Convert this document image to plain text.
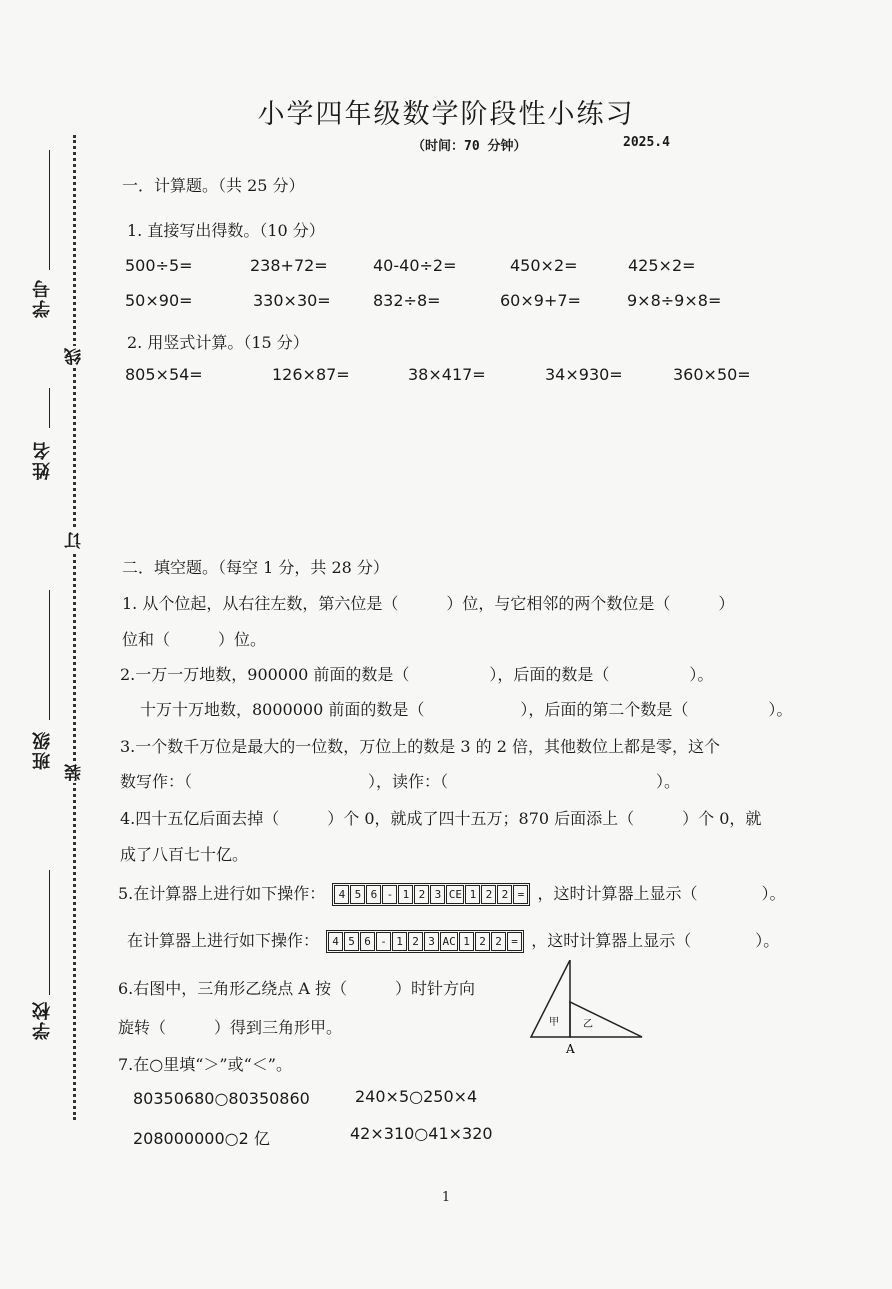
线
订
装
学号
姓名
班级
学校
小学四年级数学阶段性小练习
（时间：70 分钟）	2025.4
一．计算题。（共 25 分）
1. 直接写出得数。（10 分）
500÷5=	238+72=	40-40÷2=	450×2=	425×2=
50×90=	330×30=	832÷8=	60×9+7=	9×8÷9×8=
2. 用竖式计算。（15 分）
805×54=	126×87=	38×417=	34×930=	360×50=
二．填空题。（每空 1 分，共 28 分）
1. 从个位起，从右往左数，第六位是（　　　）位，与它相邻的两个数位是（　　　）
位和（　　　）位。
2.一万一万地数，900000 前面的数是（　　　　　），后面的数是（　　　　　）。
十万十万地数，8000000 前面的数是（　　　　　　），后面的第二个数是（　　　　　）。
3.一个数千万位是最大的一位数，万位上的数是 3 的 2 倍，其他数位上都是零，这个
数写作：（　　　　　　　　　　　），读作：（　　　　　　　　　　　　　）。
4.四十五亿后面去掉（　　　）个 0，就成了四十五万；870 后面添上（　　　）个 0，就
成了八百七十亿。
5.在计算器上进行如下操作：	4 5 6 - 1 2 3 CE 1 2 2 = ，这时计算器上显示（　　　　）。
在计算器上进行如下操作：	4 5 6 - 1 2 3 AC 1 2 2 = ，这时计算器上显示（　　　　）。
6.右图中，三角形乙绕点 A 按（　　　）时针方向
旋转（　　　）得到三角形甲。	甲 乙
A
7.在○里填“＞”或“＜”。
80350680○80350860	240×5○250×4
208000000○2 亿	42×310○41×320
1
